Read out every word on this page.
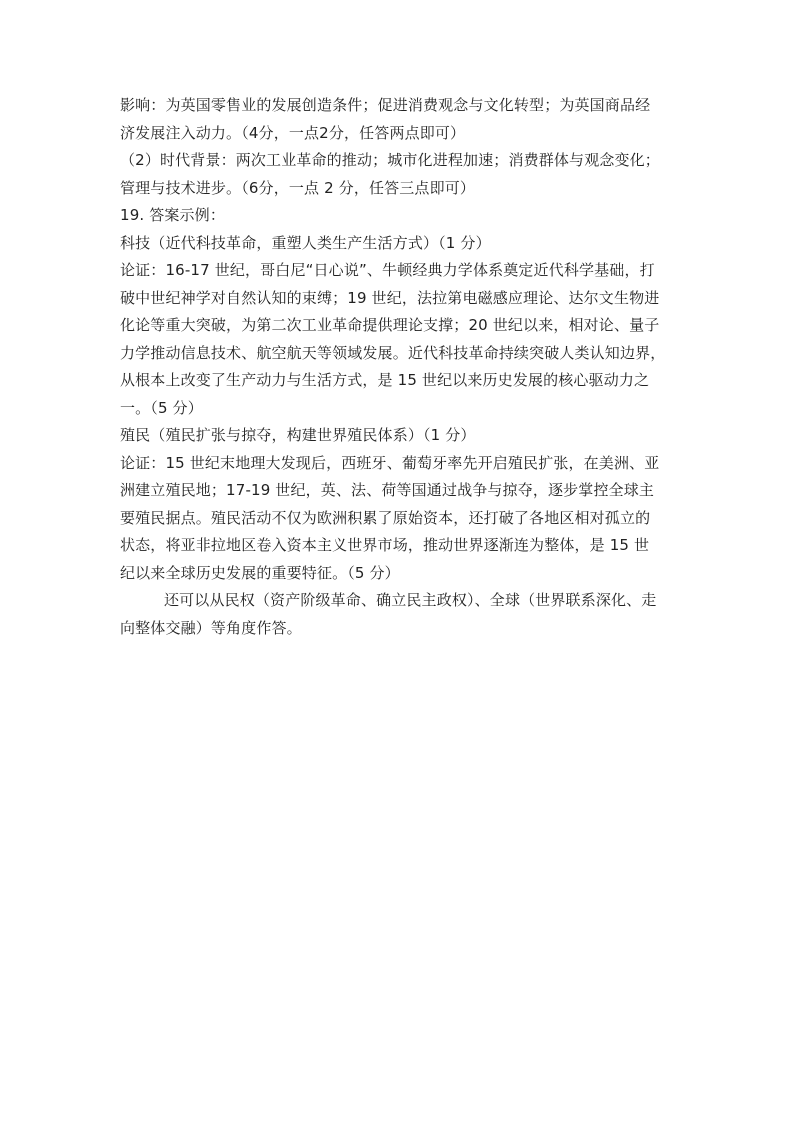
影响：为英国零售业的发展创造条件；促进消费观念与文化转型；为英国商品经
济发展注入动力。（4分，一点2分，任答两点即可）
（2）时代背景：两次工业革命的推动；城市化进程加速；消费群体与观念变化；
管理与技术进步。（6分，一点 2 分，任答三点即可）
19. 答案示例：
科技（近代科技革命，重塑人类生产生活方式）（1 分）
论证：16-17 世纪，哥白尼“日心说”、牛顿经典力学体系奠定近代科学基础，打
破中世纪神学对自然认知的束缚；19 世纪，法拉第电磁感应理论、达尔文生物进
化论等重大突破，为第二次工业革命提供理论支撑；20 世纪以来，相对论、量子
力学推动信息技术、航空航天等领域发展。近代科技革命持续突破人类认知边界，
从根本上改变了生产动力与生活方式，是 15 世纪以来历史发展的核心驱动力之
一。（5 分）
殖民（殖民扩张与掠夺，构建世界殖民体系）（1 分）
论证：15 世纪末地理大发现后，西班牙、葡萄牙率先开启殖民扩张，在美洲、亚
洲建立殖民地；17-19 世纪，英、法、荷等国通过战争与掠夺，逐步掌控全球主
要殖民据点。殖民活动不仅为欧洲积累了原始资本，还打破了各地区相对孤立的
状态，将亚非拉地区卷入资本主义世界市场，推动世界逐渐连为整体，是 15 世
纪以来全球历史发展的重要特征。（5 分）
还可以从民权（资产阶级革命、确立民主政权）、全球（世界联系深化、走
向整体交融）等角度作答。
